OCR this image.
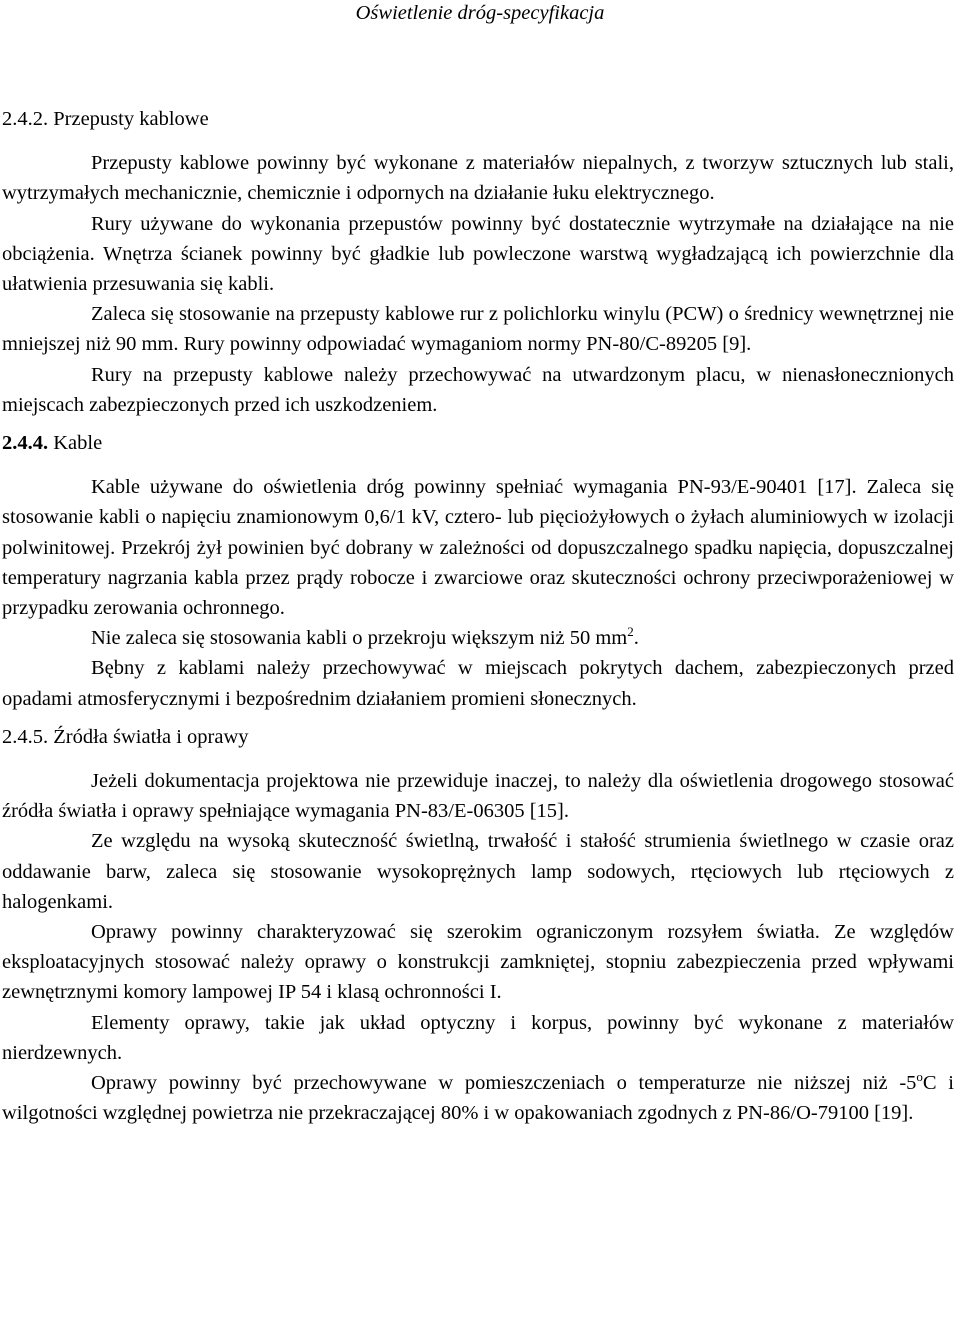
Oświetlenie dróg-specyfikacja
2.4.2. Przepusty kablowe

Przepusty kablowe powinny być wykonane z materiałów niepalnych, z tworzyw sztucznych lub stali, wytrzymałych mechanicznie, chemicznie i odpornych na działanie łuku elektrycznego.

Rury używane do wykonania przepustów powinny być dostatecznie wytrzymałe na działające na nie obciążenia. Wnętrza ścianek powinny być gładkie lub powleczone warstwą wygładzającą ich powierzchnie dla ułatwienia przesuwania się kabli.

Zaleca się stosowanie na przepusty kablowe rur z polichlorku winylu (PCW) o średnicy wewnętrznej nie mniejszej niż 90 mm. Rury powinny odpowiadać wymaganiom normy PN-80/C-89205 [9].

Rury na przepusty kablowe należy przechowywać na utwardzonym placu, w nienasłonecznionych miejscach zabezpieczonych przed ich uszkodzeniem.

2.4.4. Kable

Kable używane do oświetlenia dróg powinny spełniać wymagania PN-93/E-90401 [17]. Zaleca się stosowanie kabli o napięciu znamionowym 0,6/1 kV, cztero- lub pięciożyłowych o żyłach aluminiowych w izolacji polwinitowej. Przekrój żył powinien być dobrany w zależności od dopuszczalnego spadku napięcia, dopuszczalnej temperatury nagrzania kabla przez prądy robocze i zwarciowe oraz skuteczności ochrony przeciwporażeniowej w przypadku zerowania ochronnego.

Nie zaleca się stosowania kabli o przekroju większym niż 50 $mm^2$.

Bębny z kablami należy przechowywać w miejscach pokrytych dachem, zabezpieczonych przed opadami atmosferycznymi i bezpośrednim działaniem promieni słonecznych.

2.4.5. Źródła światła i oprawy

Jeżeli dokumentacja projektowa nie przewiduje inaczej, to należy dla oświetlenia drogowego stosować źródła światła i oprawy spełniające wymagania PN-83/E-06305 [15].

Ze względu na wysoką skuteczność świetlną, trwałość i stałość strumienia świetlnego w czasie oraz oddawanie barw, zaleca się stosowanie wysokoprężnych lamp sodowych, rtęciowych lub rtęciowych z halogenkami.

Oprawy powinny charakteryzować się szerokim ograniczonym rozsyłem światła. Ze względów eksploatacyjnych stosować należy oprawy o konstrukcji zamkniętej, stopniu zabezpieczenia przed wpływami zewnętrznymi komory lampowej IP 54 i klasą ochronności I.

Elementy oprawy, takie jak układ optyczny i korpus, powinny być wykonane z materiałów nierdzewnych.

Oprawy powinny być przechowywane w pomieszczeniach o temperaturze nie niższej niż -5$^o$C i wilgotności względnej powietrza nie przekraczającej 80% i w opakowaniach zgodnych z PN-86/O-79100 [19].
